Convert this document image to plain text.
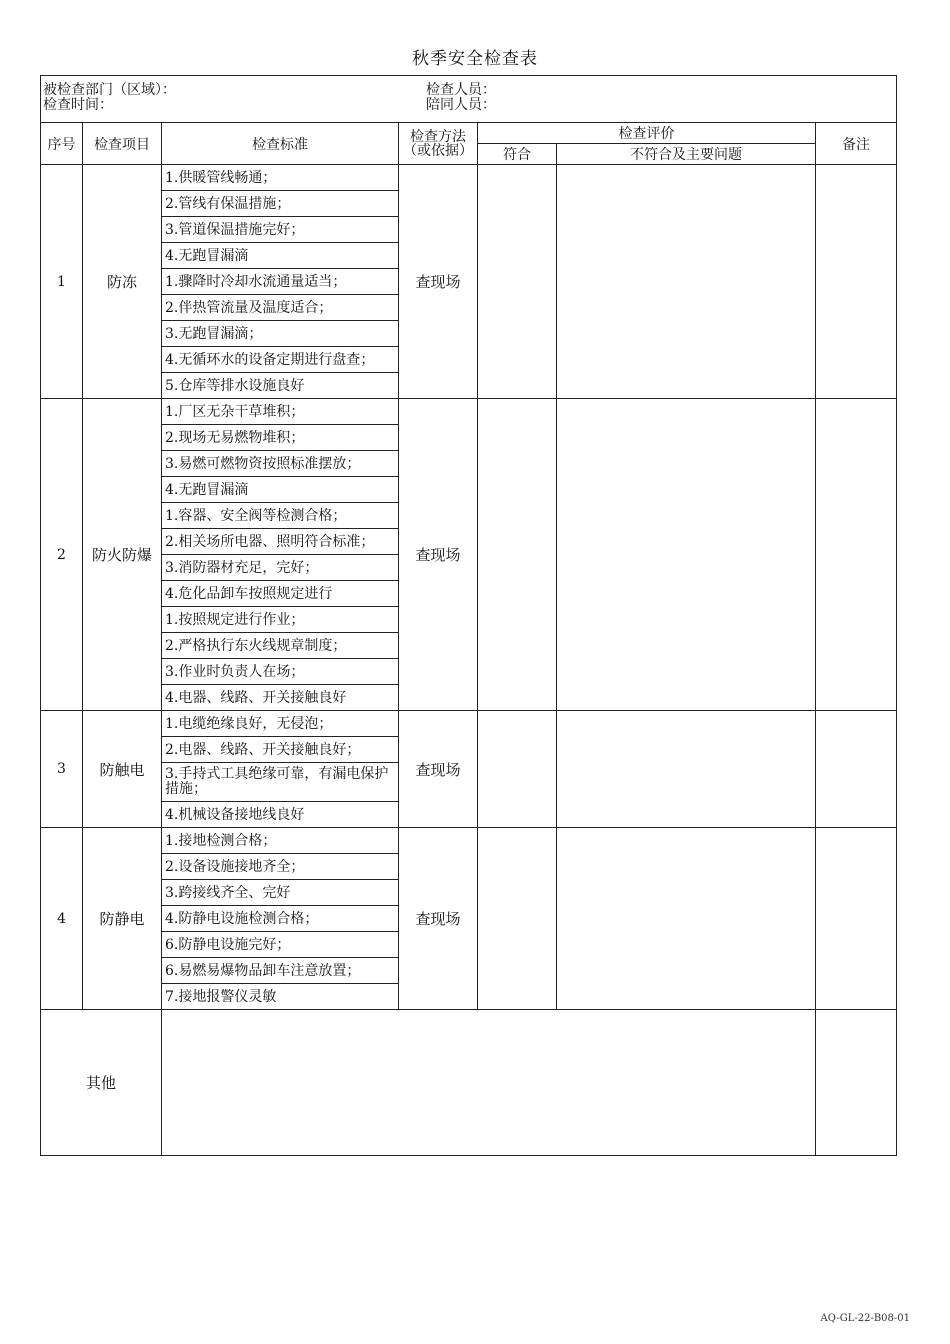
秋季安全检查表
被检查部门（区域）：
检查时间：
检查人员：
陪同人员：						

序号	检查项目	检查标准	检查方法（或依据）	检查评价		备注
				符合	不符合及主要问题	
1	防冻	1.供暖管线畅通；	查现场			
		2.管线有保温措施；				
		3.管道保温措施完好；				
		4.无跑冒漏滴				
		1.骤降时冷却水流通量适当；				
		2.伴热管流量及温度适合；				
		3.无跑冒漏滴；				
		4.无循环水的设备定期进行盘查；				
		5.仓库等排水设施良好				
2	防火防爆	1.厂区无杂干草堆积；	查现场			
		2.现场无易燃物堆积；				
		3.易燃可燃物资按照标准摆放；				
		4.无跑冒漏滴				
		1.容器、安全阀等检测合格；				
		2.相关场所电器、照明符合标准；				
		3.消防器材充足，完好；				
		4.危化品卸车按照规定进行				
		1.按照规定进行作业；				
		2.严格执行东火线规章制度；				
		3.作业时负责人在场；				
		4.电器、线路、开关接触良好				
3	防触电	1.电缆绝缘良好，无侵泡；	查现场			
		2.电器、线路、开关接触良好；				
		3.手持式工具绝缘可靠，有漏电保护措施；				
		4.机械设备接地线良好				
4	防静电	1.接地检测合格；	查现场			
		2.设备设施接地齐全；				
		3.跨接线齐全、完好				
		4.防静电设施检测合格；				
		6.防静电设施完好；				
		6.易燃易爆物品卸车注意放置；				
		7.接地报警仪灵敏				
其他						
AQ-GL-22-B08-01
